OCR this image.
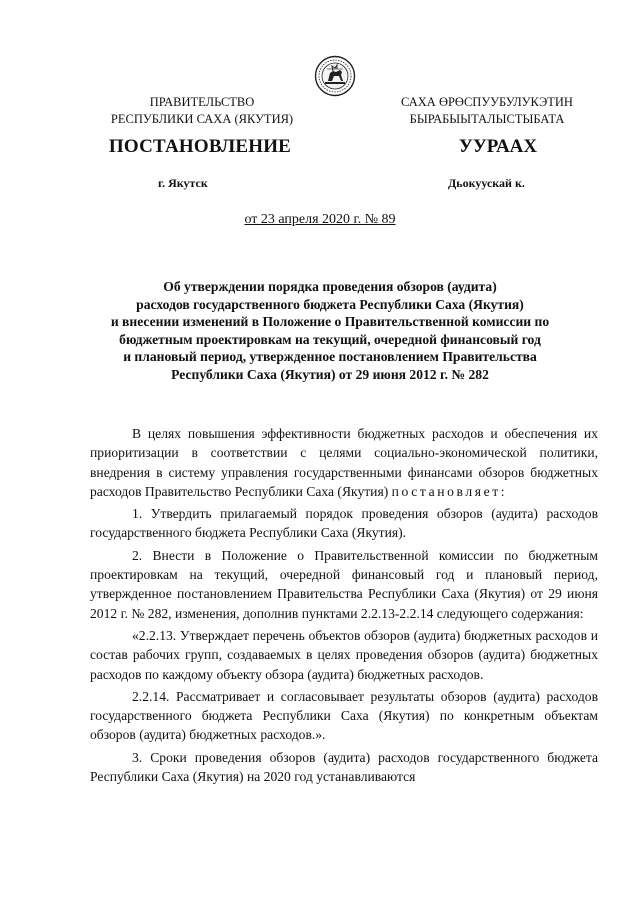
ПРАВИТЕЛЬСТВО
РЕСПУБЛИКИ САХА (ЯКУТИЯ)
САХА ӨРӨСПУУБУЛУКЭТИН
БЫРАБЫЫТАЛЫСТЫБАТА
ПОСТАНОВЛЕНИЕ	УУРААХ
г. Якутск	Дьокуускай к.
от 23 апреля 2020 г. № 89
Об утверждении порядка проведения обзоров (аудита)
расходов государственного бюджета Республики Саха (Якутия)
и внесении изменений в Положение о Правительственной комиссии по
бюджетным проектировкам на текущий, очередной финансовый год
и плановый период, утвержденное постановлением Правительства
Республики Саха (Якутия) от 29 июня 2012 г. № 282

В целях повышения эффективности бюджетных расходов и обеспечения их приоритизации в соответствии с целями социально-экономической политики, внедрения в систему управления государственными финансами обзоров бюджетных расходов Правительство Республики Саха (Якутия) постановляет:

1. Утвердить прилагаемый порядок проведения обзоров (аудита) расходов государственного бюджета Республики Саха (Якутия).

2. Внести в Положение о Правительственной комиссии по бюджетным проектировкам на текущий, очередной финансовый год и плановый период, утвержденное постановлением Правительства Республики Саха (Якутия) от 29 июня 2012 г. № 282, изменения, дополнив пунктами 2.2.13-2.2.14 следующего содержания:

«2.2.13. Утверждает перечень объектов обзоров (аудита) бюджетных расходов и состав рабочих групп, создаваемых в целях проведения обзоров (аудита) бюджетных расходов по каждому объекту обзора (аудита) бюджетных расходов.

2.2.14. Рассматривает и согласовывает результаты обзоров (аудита) расходов государственного бюджета Республики Саха (Якутия) по конкретным объектам обзоров (аудита) бюджетных расходов.».

3. Сроки проведения обзоров (аудита) расходов государственного бюджета Республики Саха (Якутия) на 2020 год устанавливаются
